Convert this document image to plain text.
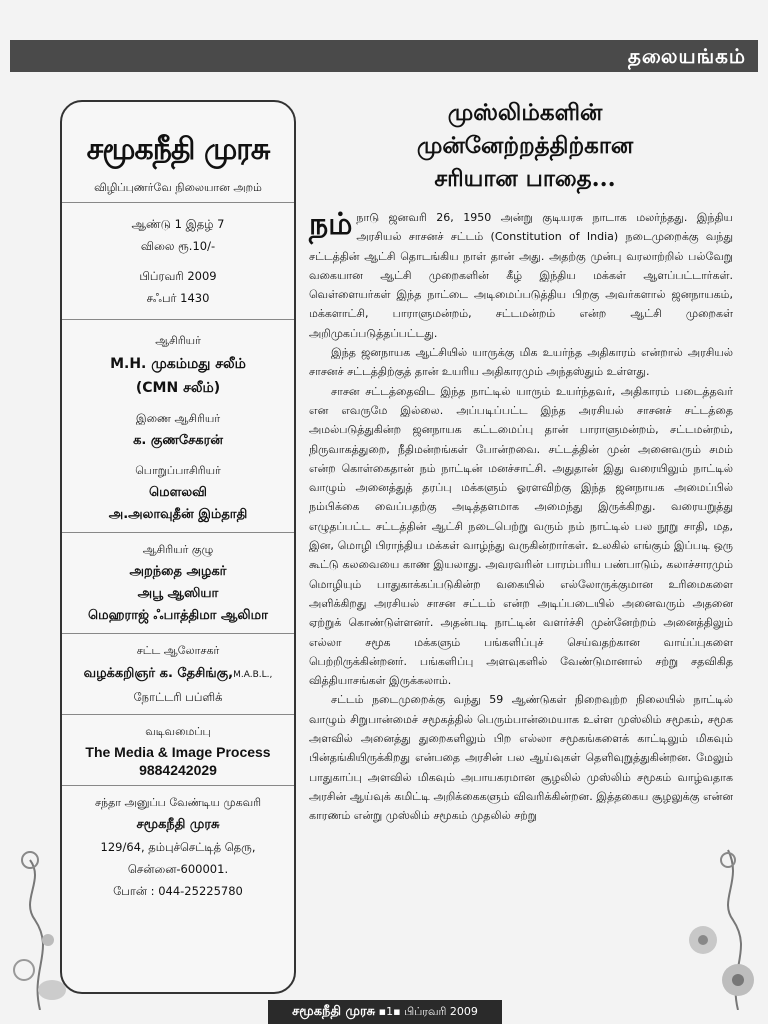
தலையங்கம்
சமூகநீதி முரசு
விழிப்புணர்வே நிலையான அறம்
ஆண்டு 1 இதழ் 7
விலை ரூ.10/-
பிப்ரவரி 2009
சஃபர் 1430
ஆசிரியர்
M.H. முகம்மது சலீம்
(CMN சலீம்)
இணை ஆசிரியர்
க. குணசேகரன்
பொறுப்பாசிரியர்
மௌலவி
அ.அலாவுதீன் இம்தாதி
ஆசிரியர் குழு
அறந்தை அழகர்
அபூ ஆஸியா
மெஹராஜ் ஃபாத்திமா ஆலிமா
சட்ட ஆலோசகர்
வழக்கறிஞர் க. தேசிங்கு,M.A.B.L.,
நோட்டரி பப்ளிக்
வடிவமைப்பு
The Media & Image Process
9884242029
சந்தா அனுப்ப வேண்டிய முகவரி
சமூகநீதி முரசு
129/64, தம்புச்செட்டித் தெரு,
சென்னை-600001.
போன் : 044-25225780
முஸ்லிம்களின்
முன்னேற்றத்திற்கான
சரியான பாதை...

நம் நாடு ஜனவரி 26, 1950 அன்று குடியரசு நாடாக மலர்ந்தது. இந்திய அரசியல் சாசனச் சட்டம் (Constitution of India) நடைமுறைக்கு வந்து சட்டத்தின் ஆட்சி தொடங்கிய நாள் தான் அது. அதற்கு முன்பு வரலாற்றில் பல்வேறு வகையான ஆட்சி முறைகளின் கீழ் இந்திய மக்கள் ஆளப்பட்டார்கள். வெள்ளையர்கள் இந்த நாட்டை அடிமைப்படுத்திய பிறகு அவர்களால் ஜனநாயகம், மக்களாட்சி, பாராளுமன்றம், சட்டமன்றம் என்ற ஆட்சி முறைகள் அறிமுகப்படுத்தப்பட்டது.

இந்த ஜனநாயக ஆட்சியில் யாருக்கு மிக உயர்ந்த அதிகாரம் என்றால் அரசியல் சாசனச் சட்டத்திற்குத் தான் உயரிய அதிகாரமும் அந்தஸ்தும் உள்ளது.

சாசன சட்டத்தைவிட இந்த நாட்டில் யாரும் உயர்ந்தவர், அதிகாரம் படைத்தவர் என எவருமே இல்லை. அப்படிப்பட்ட இந்த அரசியல் சாசனச் சட்டத்தை அமல்படுத்துகின்ற ஜனநாயக கட்டமைப்பு தான் பாராளுமன்றம், சட்டமன்றம், நிருவாகத்துறை, நீதிமன்றங்கள் போன்றவை. சட்டத்தின் முன் அனைவரும் சமம் என்ற கொள்கைதான் நம் நாட்டின் மனச்சாட்சி. அதுதான் இது வரையிலும் நாட்டில் வாழும் அனைத்துத் தரப்பு மக்களும் ஓரளவிற்கு இந்த ஜனநாயக அமைப்பில் நம்பிக்கை வைப்பதற்கு அடித்தளமாக அமைந்து இருக்கிறது. வரையறுத்து எழுதப்பட்ட சட்டத்தின் ஆட்சி நடைபெற்று வரும் நம் நாட்டில் பல நூறு சாதி, மத, இன, மொழி பிராந்திய மக்கள் வாழ்ந்து வருகின்றார்கள். உலகில் எங்கும் இப்படி ஒரு கூட்டு கலவையை காண இயலாது. அவரவரின் பாரம்பரிய பண்பாடும், கலாச்சாரமும் மொழியும் பாதுகாக்கப்படுகின்ற வகையில் எல்லோருக்குமான உரிமைகளை அளிக்கிறது அரசியல் சாசன சட்டம் என்ற அடிப்படையில் அனைவரும் அதனை ஏற்றுக் கொண்டுள்ளனர். அதன்படி நாட்டின் வளர்ச்சி முன்னேற்றம் அனைத்திலும் எல்லா சமூக மக்களும் பங்களிப்புச் செய்வதற்கான வாய்ப்புகளை பெற்றிருக்கின்றனர். பங்களிப்பு அளவுகளில் வேண்டுமானால் சற்று சதவிகித வித்தியாசங்கள் இருக்கலாம்.

சட்டம் நடைமுறைக்கு வந்து 59 ஆண்டுகள் நிறைவுற்ற நிலையில் நாட்டில் வாழும் சிறுபான்மைச் சமூகத்தில் பெரும்பான்மையாக உள்ள முஸ்லிம் சமூகம், சமூக அளவில் அனைத்து துறைகளிலும் பிற எல்லா சமூகங்களைக் காட்டிலும் மிகவும் பின்தங்கியிருக்கிறது என்பதை அரசின் பல ஆய்வுகள் தெளிவுறுத்துகின்றன. மேலும் பாதுகாப்பு அளவில் மிகவும் அபாயகரமான சூழலில் முஸ்லிம் சமூகம் வாழ்வதாக அரசின் ஆய்வுக் கமிட்டி அறிக்கைகளும் விவரிக்கின்றன. இத்தகைய சூழலுக்கு என்ன காரணம் என்று முஸ்லிம் சமூகம் முதலில் சற்று

சமூகநீதி முரசு ▪1▪ பிப்ரவரி 2009
